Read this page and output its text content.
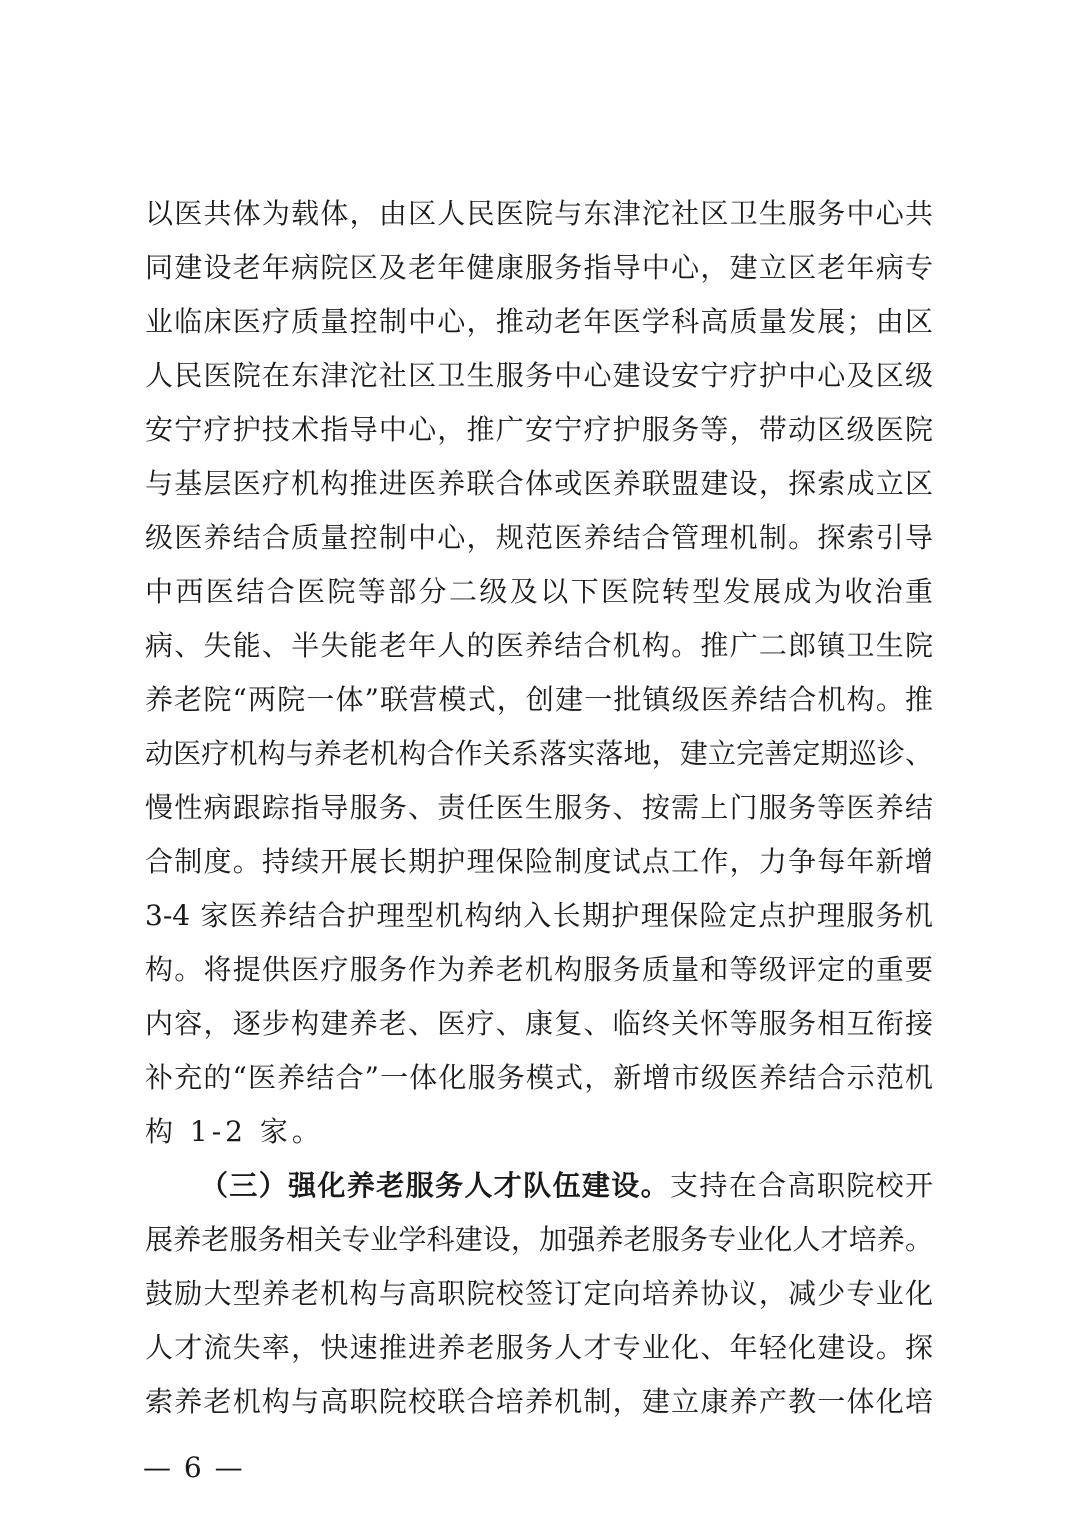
以医共体为载体，由区人民医院与东津沱社区卫生服务中心共
同建设老年病院区及老年健康服务指导中心，建立区老年病专
业临床医疗质量控制中心，推动老年医学科高质量发展；由区
人民医院在东津沱社区卫生服务中心建设安宁疗护中心及区级
安宁疗护技术指导中心，推广安宁疗护服务等，带动区级医院
与基层医疗机构推进医养联合体或医养联盟建设，探索成立区
级医养结合质量控制中心，规范医养结合管理机制。探索引导
中西医结合医院等部分二级及以下医院转型发展成为收治重
病、失能、半失能老年人的医养结合机构。推广二郎镇卫生院
养老院“两院一体”联营模式，创建一批镇级医养结合机构。推
动医疗机构与养老机构合作关系落实落地，建立完善定期巡诊、
慢性病跟踪指导服务、责任医生服务、按需上门服务等医养结
合制度。持续开展长期护理保险制度试点工作，力争每年新增
3-4 家医养结合护理型机构纳入长期护理保险定点护理服务机
构。将提供医疗服务作为养老机构服务质量和等级评定的重要
内容，逐步构建养老、医疗、康复、临终关怀等服务相互衔接
补充的“医养结合”一体化服务模式，新增市级医养结合示范机
构 1-2 家。
（三）强化养老服务人才队伍建设。支持在合高职院校开
展养老服务相关专业学科建设，加强养老服务专业化人才培养。
鼓励大型养老机构与高职院校签订定向培养协议，减少专业化
人才流失率，快速推进养老服务人才专业化、年轻化建设。探
索养老机构与高职院校联合培养机制，建立康养产教一体化培
— 6 —
